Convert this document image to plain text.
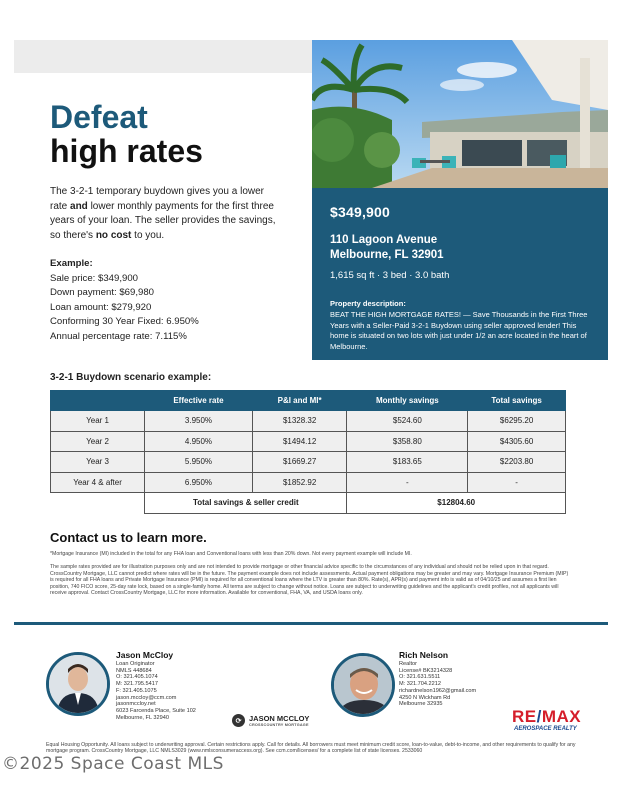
Defeat
high rates
The 3-2-1 temporary buydown gives you a lower rate and lower monthly payments for the first three years of your loan. The seller provides the savings, so there's no cost to you.
Example:
Sale price: $349,900
Down payment: $69,980
Loan amount: $279,920
Conforming 30 Year Fixed: 6.950%
Annual percentage rate: 7.115%
$349,900
110 Lagoon Avenue
Melbourne, FL 32901
1,615 sq ft · 3 bed · 3.0 bath
Property description:
BEAT THE HIGH MORTGAGE RATES! — Save Thousands in the First Three Years with a Seller-Paid 3-2-1 Buydown using seller approved lender! This home is situated on two lots with just under 1/2 an acre located in the heart of Melbourne.
3-2-1 Buydown scenario example:
	Effective rate	P&I and MI*	Monthly savings	Total savings
Year 1	3.950%	$1328.32	$524.60	$6295.20
Year 2	4.950%	$1494.12	$358.80	$4305.60
Year 3	5.950%	$1669.27	$183.65	$2203.80
Year 4 & after	6.950%	$1852.92	-	-
	Total savings & seller credit		$12804.60	
Contact us to learn more.
*Mortgage Insurance (MI) included in the total for any FHA loan and Conventional loans with less than 20% down. Not every payment example will include MI.
The sample rates provided are for illustration purposes only and are not intended to provide mortgage or other financial advice specific to the circumstances of any individual and should not be relied upon in that regard. CrossCountry Mortgage, LLC cannot predict where rates will be in the future. The payment example does not include assessments. Actual payment obligations may be greater and may vary. Mortgage Insurance Premium (MIP) is required for all FHA loans and Private Mortgage Insurance (PMI) is required for all conventional loans where the LTV is greater than 80%. Rate(s), APR(s) and payment info is valid as of 04/10/25 and assumes a first lien position, 740 FICO score, 25-day rate lock, based on a single-family home. All terms are subject to change without notice. Loans are subject to underwriting guidelines and the applicant's credit profiles, not all applicants will receive approval. Contact CrossCountry Mortgage, LLC for more information. Available for conventional, FHA, VA, and USDA loans only.
Jason McCloy
Loan Originator
NMLS 448684
O: 321.405.1074
M: 321.795.5417
F: 321.405.1075
jason.mccloy@ccm.com
jasonmccloy.net
6023 Farcenda Place, Suite 102
Melbourne, FL 32940	⟳	JASON MCCLOY
CROSSCOUNTRY MORTGAGE
Rich Nelson
Realtor
License# BK3214328
O: 321.631.5511
M: 321.704.2212
richardnelson1962@gmail.com
4250 N Wickham Rd
Melbourne 32935
RE/MAX
AEROSPACE REALTY
Equal Housing Opportunity. All loans subject to underwriting approval. Certain restrictions apply. Call for details. All borrowers must meet minimum credit score, loan-to-value, debt-to-income, and other requirements to qualify for any mortgage program. CrossCountry Mortgage, LLC NMLS3029 (www.nmlsconsumeraccess.org). See ccm.com/licenses/ for a complete list of state licenses. 2533060
©2025 Space Coast MLS
